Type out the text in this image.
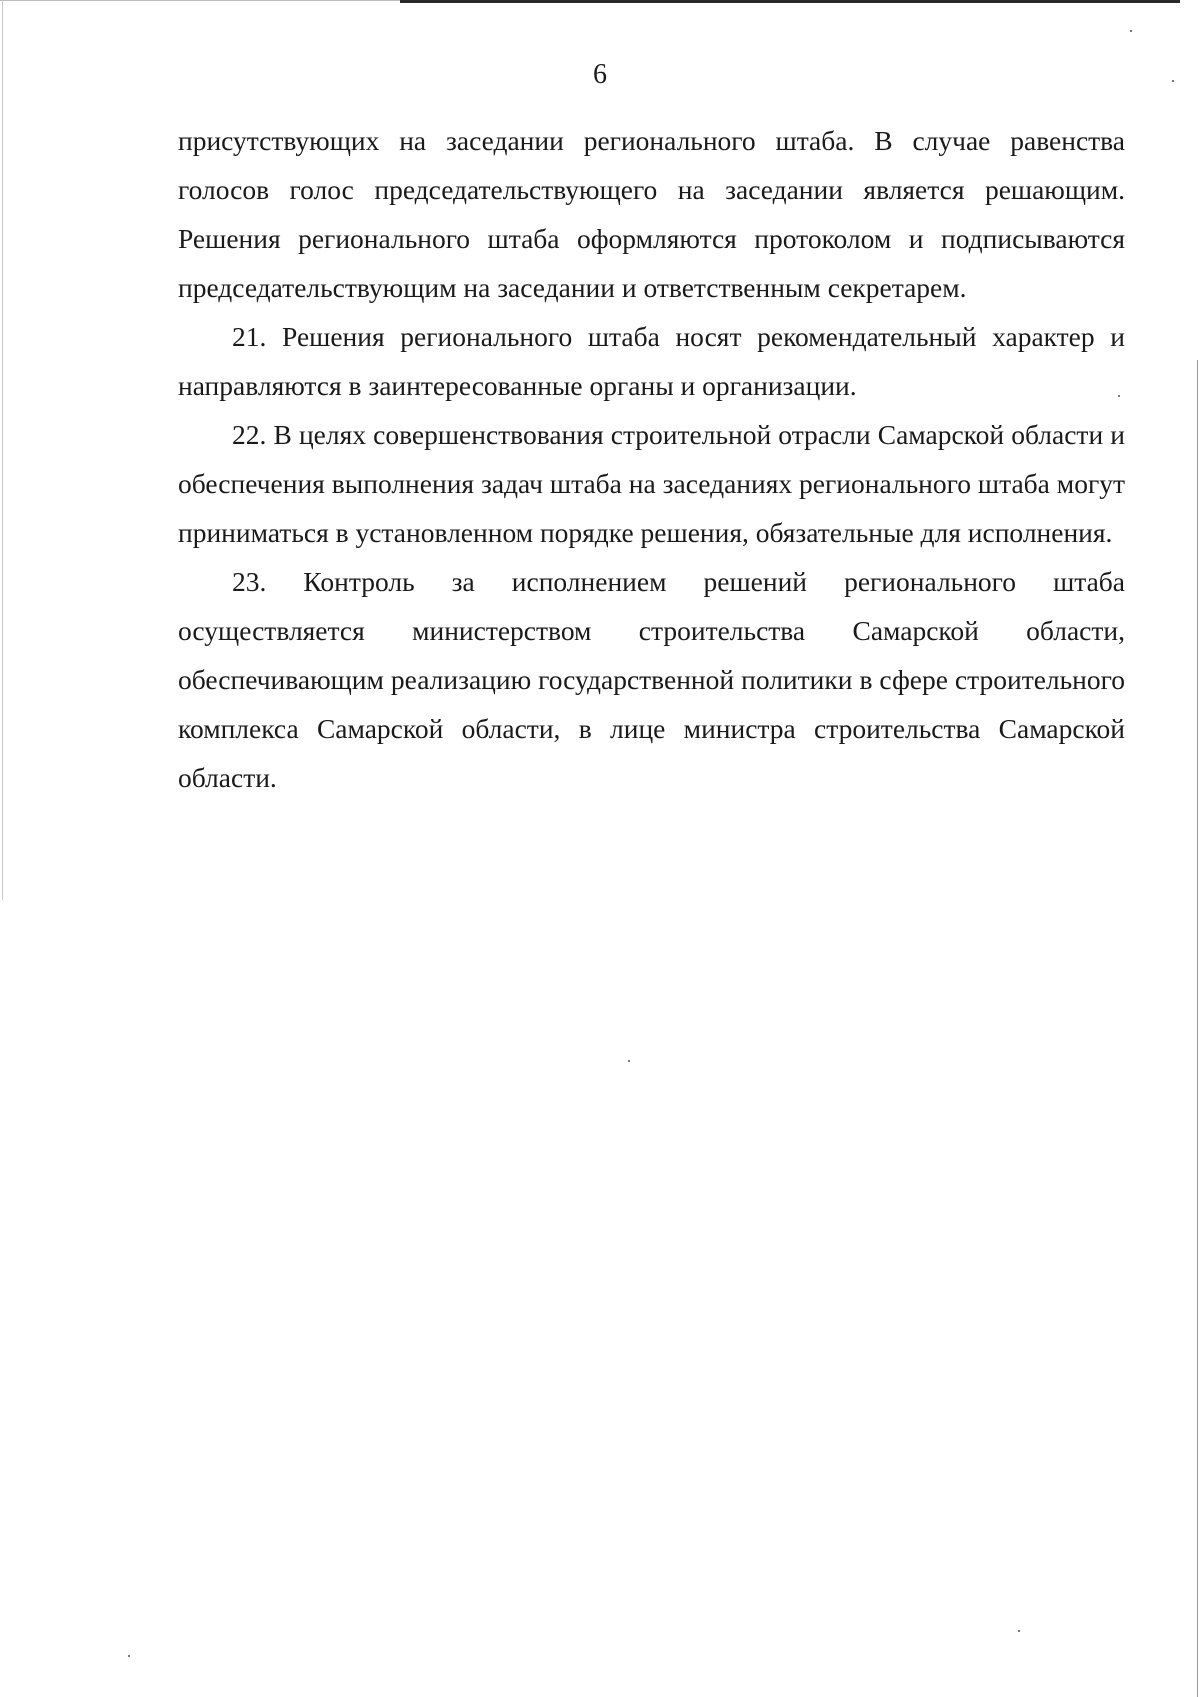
6

присутствующих на заседании регионального штаба. В случае равенства голосов голос председательствующего на заседании является решающим. Решения регионального штаба оформляются протоколом и подписываются председательствующим на заседании и ответственным секретарем.

21. Решения регионального штаба носят рекомендательный характер и направляются в заинтересованные органы и организации.

22. В целях совершенствования строительной отрасли Самарской области и обеспечения выполнения задач штаба на заседаниях регионального штаба могут приниматься в установленном порядке решения, обязательные для исполнения.

23. Контроль за исполнением решений регионального штаба осуществляется министерством строительства Самарской области, обеспечивающим реализацию государственной политики в сфере строительного комплекса Самарской области, в лице министра строительства Самарской области.
